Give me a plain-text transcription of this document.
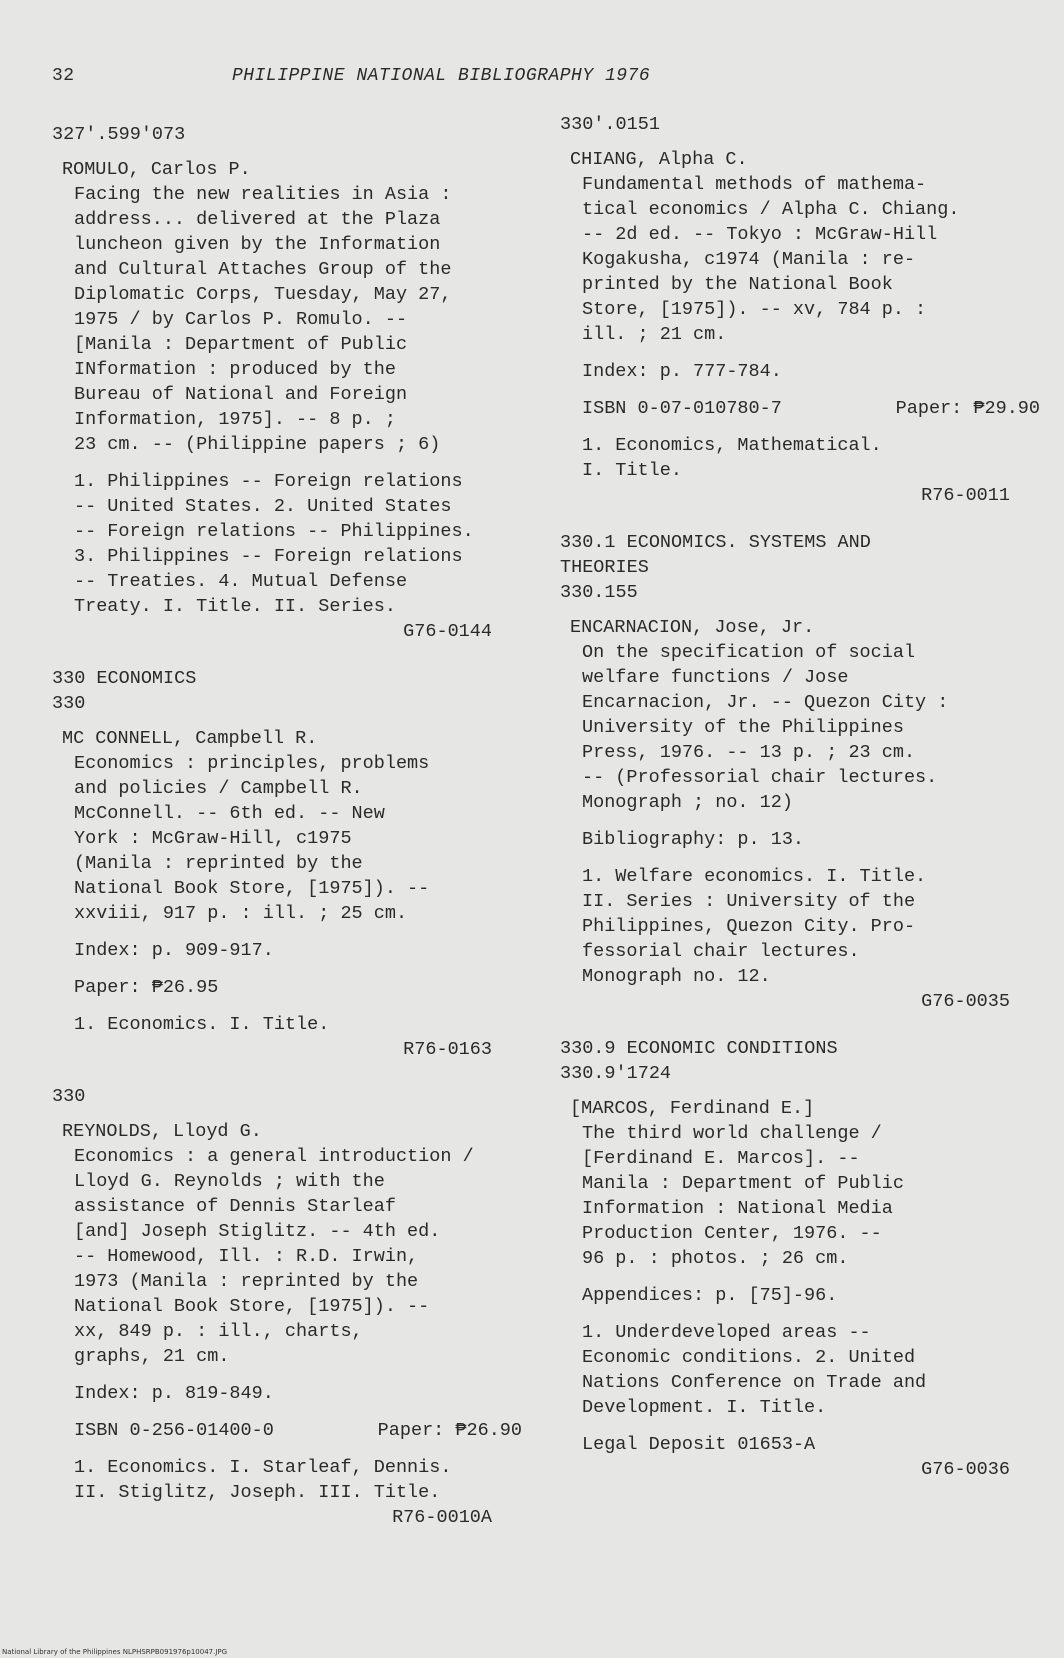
32	PHILIPPINE NATIONAL BIBLIOGRAPHY 1976
327'.599'073
ROMULO, Carlos P.
Facing the new realities in Asia :
address... delivered at the Plaza
luncheon given by the Information
and Cultural Attaches Group of the
Diplomatic Corps, Tuesday, May 27,
1975 / by Carlos P. Romulo. --
[Manila : Department of Public
INformation : produced by the
Bureau of National and Foreign
Information, 1975]. -- 8 p. ;
23 cm. -- (Philippine papers ; 6)
1. Philippines -- Foreign relations
-- United States. 2. United States
-- Foreign relations -- Philippines.
3. Philippines -- Foreign relations
-- Treaties. 4. Mutual Defense
Treaty. I. Title. II. Series.
G76-0144
330 ECONOMICS
330
MC CONNELL, Campbell R.
Economics : principles, problems
and policies / Campbell R.
McConnell. -- 6th ed. -- New
York : McGraw-Hill, c1975
(Manila : reprinted by the
National Book Store, [1975]). --
xxviii, 917 p. : ill. ; 25 cm.
Index: p. 909-917.
Paper: ₱26.95
1. Economics. I. Title.
R76-0163
330
REYNOLDS, Lloyd G.
Economics : a general introduction /
Lloyd G. Reynolds ; with the
assistance of Dennis Starleaf
[and] Joseph Stiglitz. -- 4th ed.
-- Homewood, Ill. : R.D. Irwin,
1973 (Manila : reprinted by the
National Book Store, [1975]). --
xx, 849 p. : ill., charts,
graphs, 21 cm.
Index: p. 819-849.
ISBN 0-256-01400-0	Paper: ₱26.90
1. Economics. I. Starleaf, Dennis.
II. Stiglitz, Joseph. III. Title.
R76-0010A
330'.0151
CHIANG, Alpha C.
Fundamental methods of mathema-
tical economics / Alpha C. Chiang.
-- 2d ed. -- Tokyo : McGraw-Hill
Kogakusha, c1974 (Manila : re-
printed by the National Book
Store, [1975]). -- xv, 784 p. :
ill. ; 21 cm.
Index: p. 777-784.
ISBN 0-07-010780-7	Paper: ₱29.90
1. Economics, Mathematical.
I. Title.
R76-0011
330.1 ECONOMICS. SYSTEMS AND
THEORIES
330.155
ENCARNACION, Jose, Jr.
On the specification of social
welfare functions / Jose
Encarnacion, Jr. -- Quezon City :
University of the Philippines
Press, 1976. -- 13 p. ; 23 cm.
-- (Professorial chair lectures.
Monograph ; no. 12)
Bibliography: p. 13.
1. Welfare economics. I. Title.
II. Series : University of the
Philippines, Quezon City. Pro-
fessorial chair lectures.
Monograph no. 12.
G76-0035
330.9 ECONOMIC CONDITIONS
330.9'1724
[MARCOS, Ferdinand E.]
The third world challenge /
[Ferdinand E. Marcos]. --
Manila : Department of Public
Information : National Media
Production Center, 1976. --
96 p. : photos. ; 26 cm.
Appendices: p. [75]-96.
1. Underdeveloped areas --
Economic conditions. 2. United
Nations Conference on Trade and
Development. I. Title.
Legal Deposit 01653-A
G76-0036
National Library of the Philippines NLPHSRPB091976p10047.JPG
